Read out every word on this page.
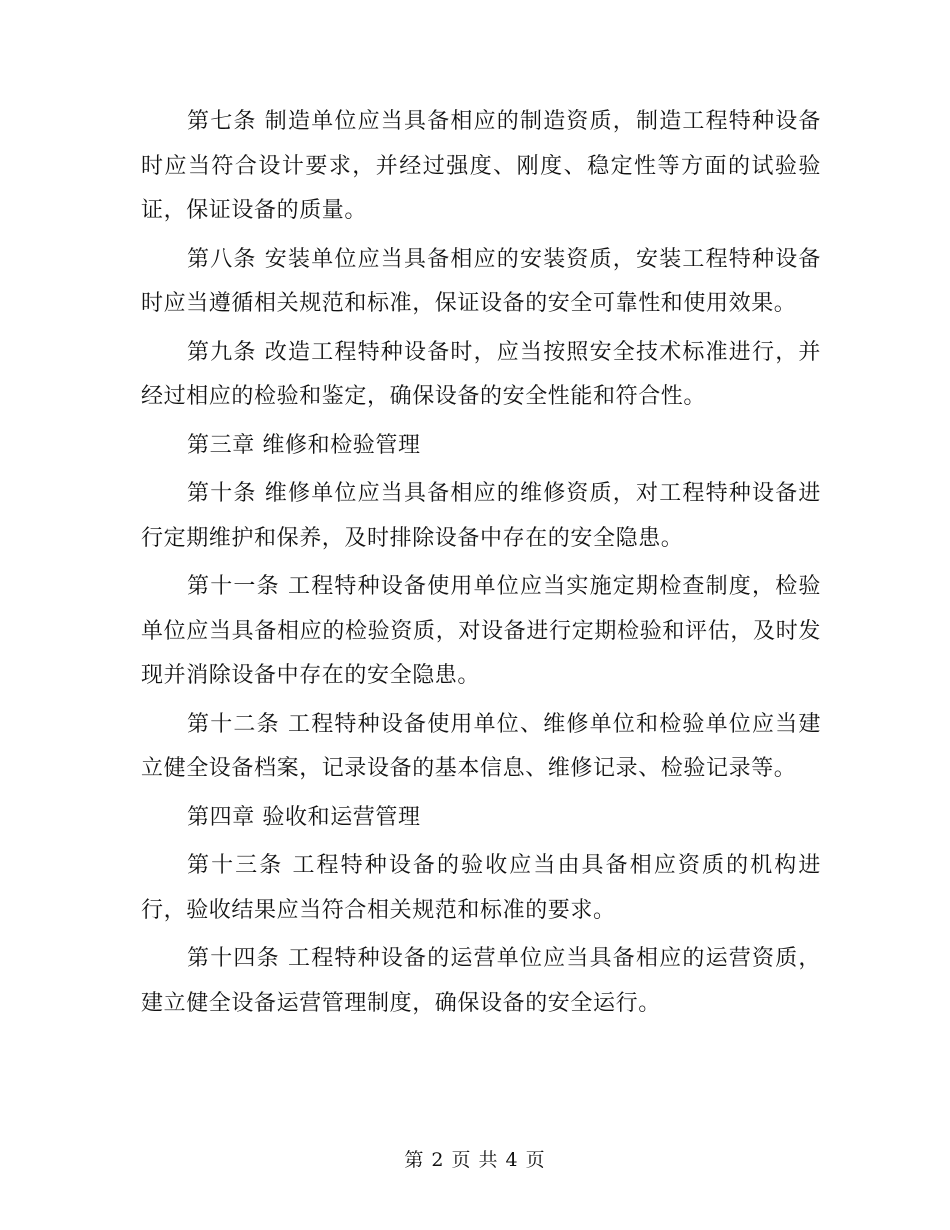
第七条 制造单位应当具备相应的制造资质，制造工程特种设备时应当符合设计要求，并经过强度、刚度、稳定性等方面的试验验证，保证设备的质量。

第八条 安装单位应当具备相应的安装资质，安装工程特种设备时应当遵循相关规范和标准，保证设备的安全可靠性和使用效果。

第九条 改造工程特种设备时，应当按照安全技术标准进行，并经过相应的检验和鉴定，确保设备的安全性能和符合性。

第三章 维修和检验管理

第十条 维修单位应当具备相应的维修资质，对工程特种设备进行定期维护和保养，及时排除设备中存在的安全隐患。

第十一条 工程特种设备使用单位应当实施定期检查制度，检验单位应当具备相应的检验资质，对设备进行定期检验和评估，及时发现并消除设备中存在的安全隐患。

第十二条 工程特种设备使用单位、维修单位和检验单位应当建立健全设备档案，记录设备的基本信息、维修记录、检验记录等。

第四章 验收和运营管理

第十三条 工程特种设备的验收应当由具备相应资质的机构进行，验收结果应当符合相关规范和标准的要求。

第十四条 工程特种设备的运营单位应当具备相应的运营资质，建立健全设备运营管理制度，确保设备的安全运行。

第 2 页 共 4 页
